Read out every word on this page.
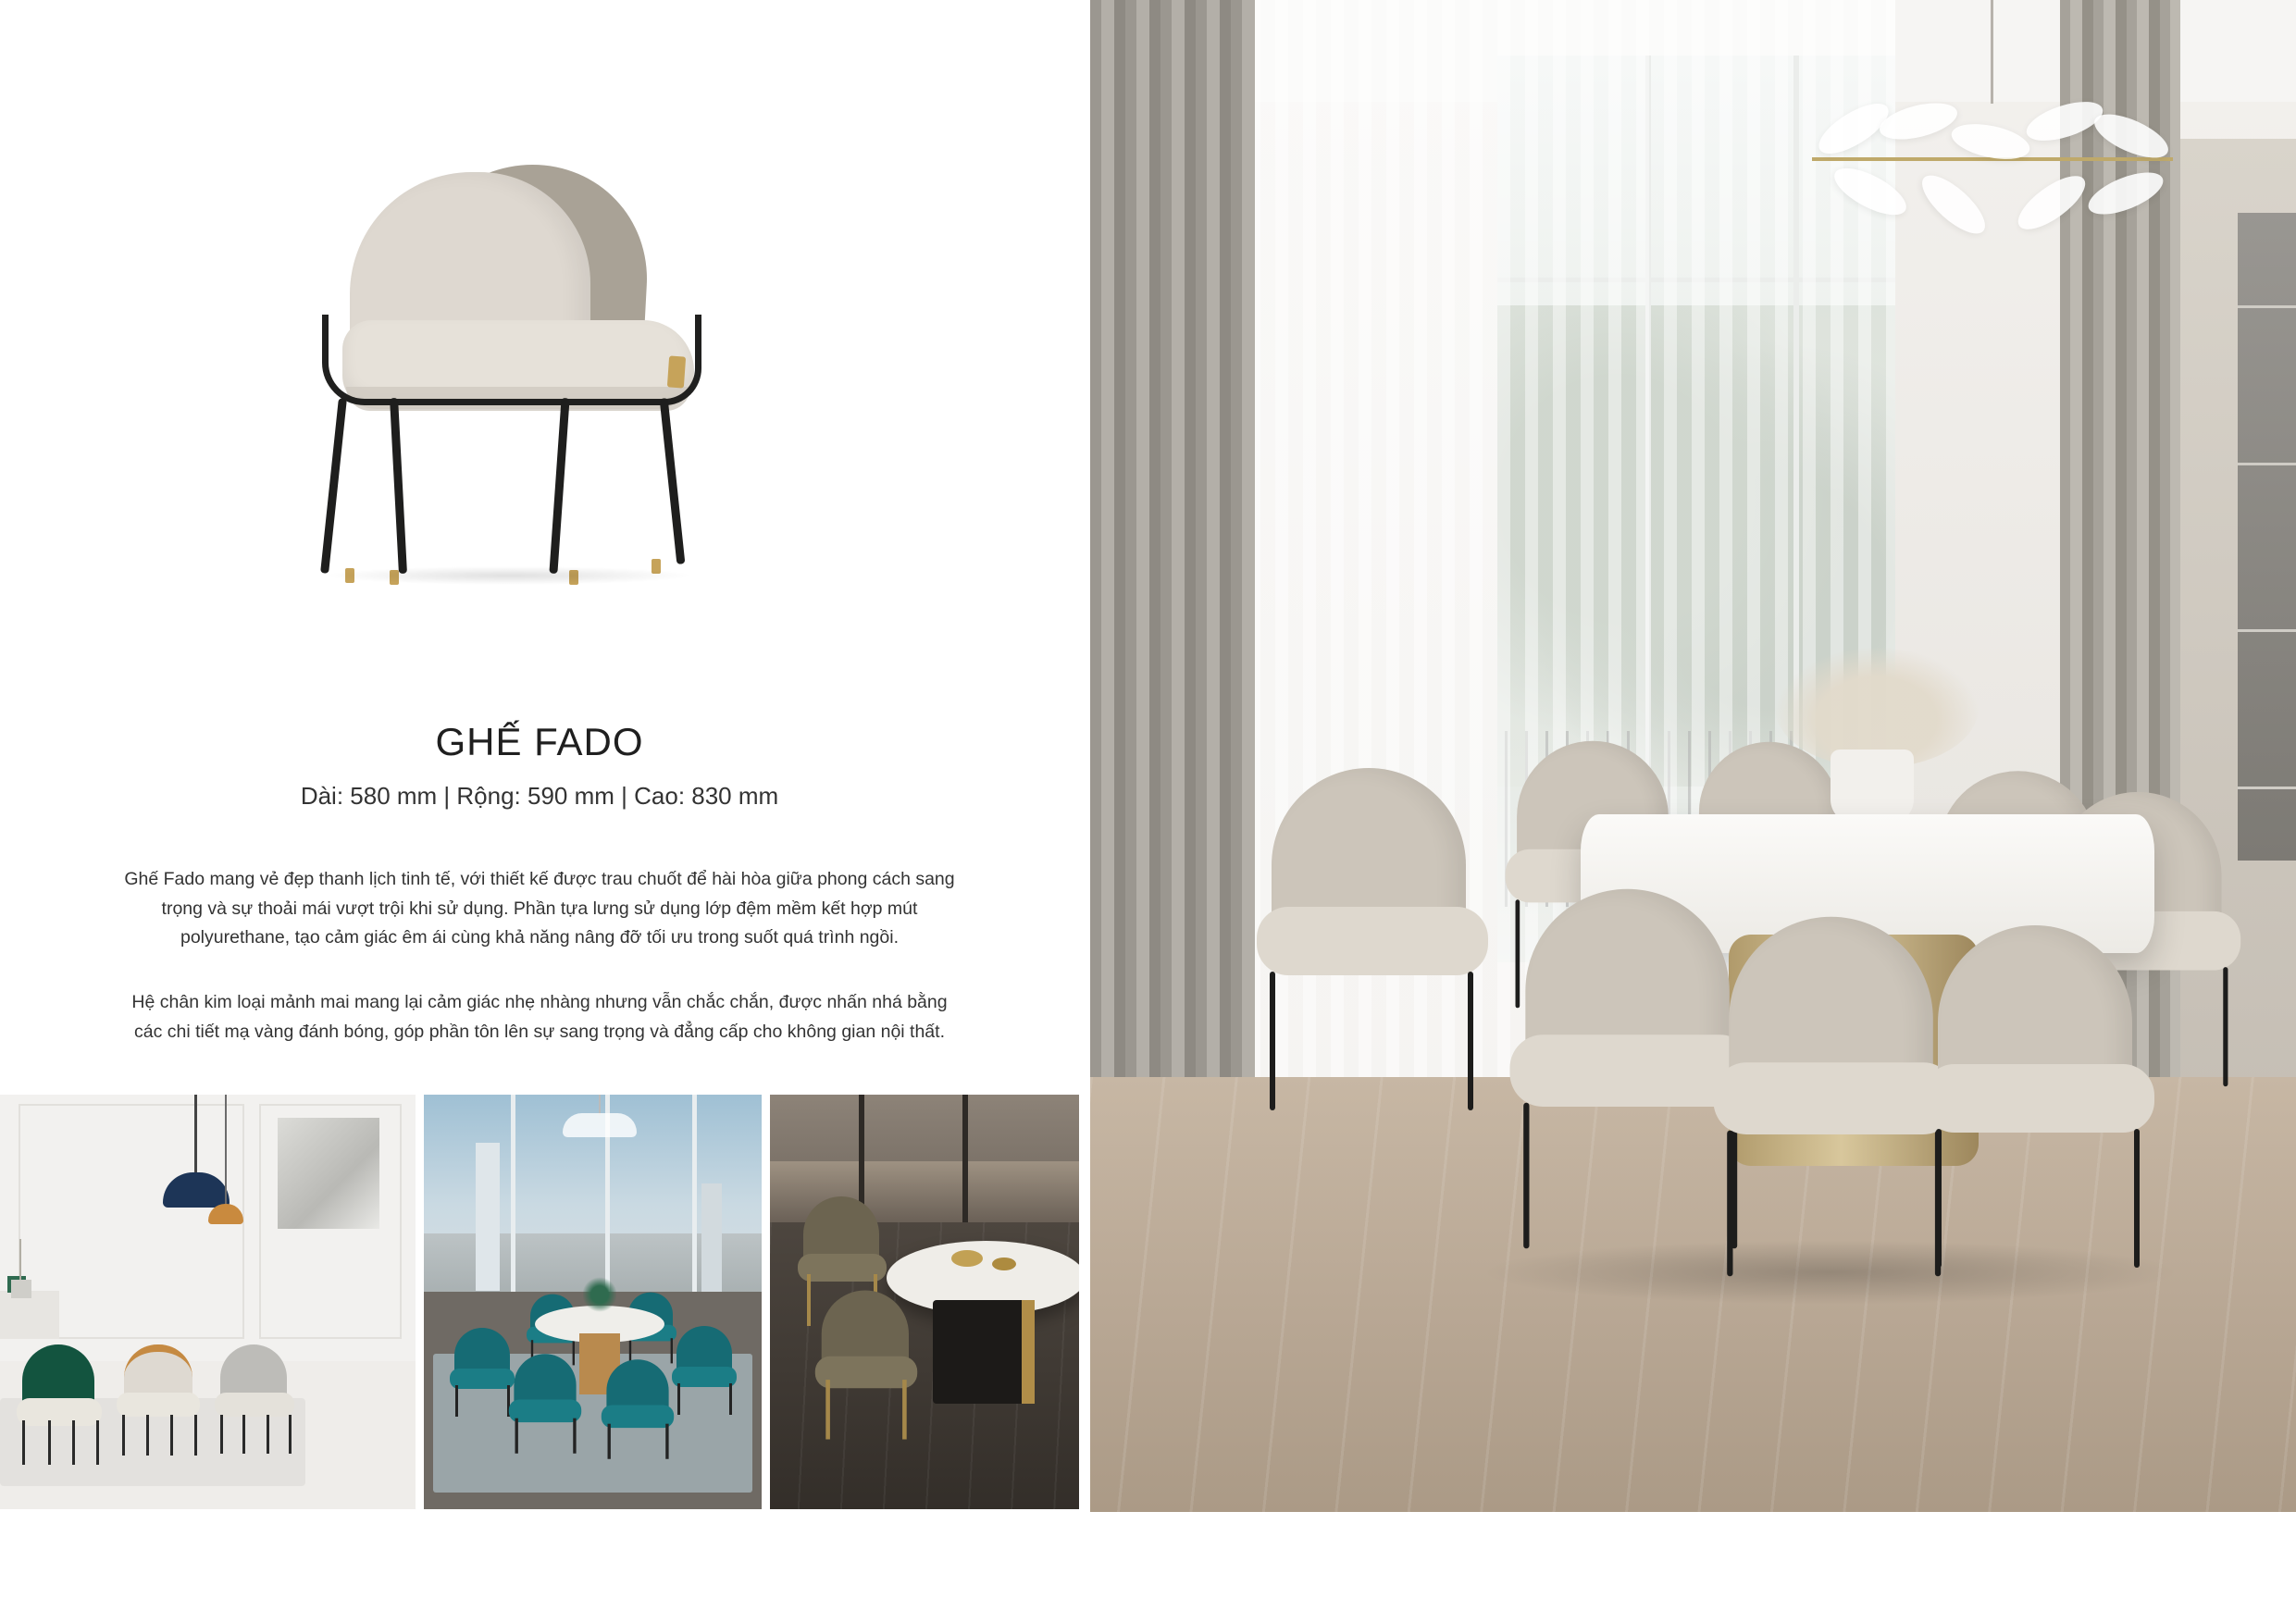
GHẾ FADO
Dài: 580 mm | Rộng: 590 mm | Cao: 830 mm
Ghế Fado mang vẻ đẹp thanh lịch tinh tế, với thiết kế được trau chuốt để hài hòa giữa phong cách sang trọng và sự thoải mái vượt trội khi sử dụng. Phần tựa lưng sử dụng lớp đệm mềm kết hợp mút polyurethane, tạo cảm giác êm ái cùng khả năng nâng đỡ tối ưu trong suốt quá trình ngồi.
Hệ chân kim loại mảnh mai mang lại cảm giác nhẹ nhàng nhưng vẫn chắc chắn, được nhấn nhá bằng các chi tiết mạ vàng đánh bóng, góp phần tôn lên sự sang trọng và đẳng cấp cho không gian nội thất.
